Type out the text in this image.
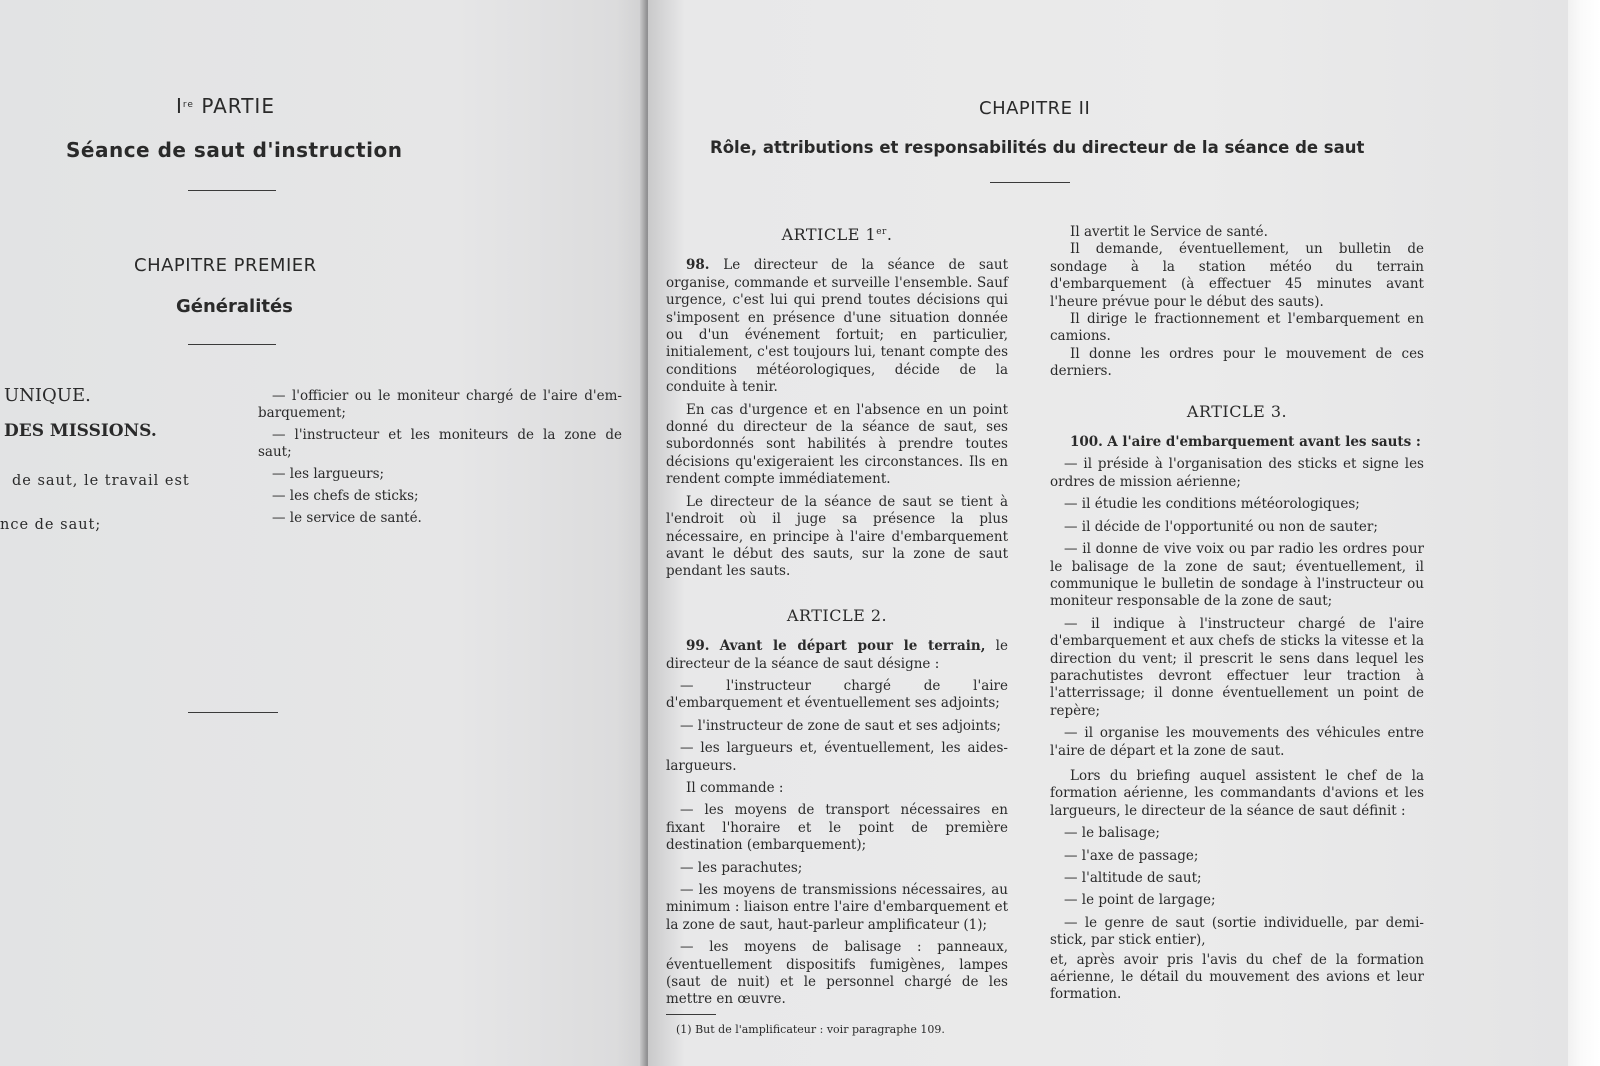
Ire PARTIE
Séance de saut d'instruction
CHAPITRE PREMIER
Généralités
UNIQUE.
DES MISSIONS.
de saut, le travail est
nce de saut;

— l'officier ou le moniteur chargé de l'aire d'em-barquement;

— l'instructeur et les moniteurs de la zone de saut;

— les largueurs;

— les chefs de sticks;

— le service de santé.

CHAPITRE II
Rôle, attributions et responsabilités du directeur de la séance de saut

ARTICLE 1er.

98. Le directeur de la séance de saut organise, commande et surveille l'ensemble. Sauf urgence, c'est lui qui prend toutes décisions qui s'imposent en présence d'une situation donnée ou d'un événement fortuit; en particulier, initialement, c'est toujours lui, tenant compte des conditions météorologiques, décide de la conduite à tenir.

En cas d'urgence et en l'absence en un point donné du directeur de la séance de saut, ses subordonnés sont habilités à prendre toutes décisions qu'exigeraient les circonstances. Ils en rendent compte immédiatement.

Le directeur de la séance de saut se tient à l'endroit où il juge sa présence la plus nécessaire, en principe à l'aire d'embarquement avant le début des sauts, sur la zone de saut pendant les sauts.

ARTICLE 2.

99. Avant le départ pour le terrain, le directeur de la séance de saut désigne :

— l'instructeur chargé de l'aire d'embarquement et éventuellement ses adjoints;

— l'instructeur de zone de saut et ses adjoints;

— les largueurs et, éventuellement, les aides-largueurs.

Il commande :

— les moyens de transport nécessaires en fixant l'horaire et le point de première destination (embarquement);

— les parachutes;

— les moyens de transmissions nécessaires, au minimum : liaison entre l'aire d'embarquement et la zone de saut, haut-parleur amplificateur (1);

— les moyens de balisage : panneaux, éventuellement dispositifs fumigènes, lampes (saut de nuit) et le personnel chargé de les mettre en œuvre.

(1) But de l'amplificateur : voir paragraphe 109.

Il avertit le Service de santé.

Il demande, éventuellement, un bulletin de sondage à la station météo du terrain d'embarquement (à effectuer 45 minutes avant l'heure prévue pour le début des sauts).

Il dirige le fractionnement et l'embarquement en camions.

Il donne les ordres pour le mouvement de ces derniers.

ARTICLE 3.

100. A l'aire d'embarquement avant les sauts :

— il préside à l'organisation des sticks et signe les ordres de mission aérienne;

— il étudie les conditions météorologiques;

— il décide de l'opportunité ou non de sauter;

— il donne de vive voix ou par radio les ordres pour le balisage de la zone de saut; éventuellement, il communique le bulletin de sondage à l'instructeur ou moniteur responsable de la zone de saut;

— il indique à l'instructeur chargé de l'aire d'embarquement et aux chefs de sticks la vitesse et la direction du vent; il prescrit le sens dans lequel les parachutistes devront effectuer leur traction à l'atterrissage; il donne éventuellement un point de repère;

— il organise les mouvements des véhicules entre l'aire de départ et la zone de saut.

Lors du briefing auquel assistent le chef de la formation aérienne, les commandants d'avions et les largueurs, le directeur de la séance de saut définit :

— le balisage;

— l'axe de passage;

— l'altitude de saut;

— le point de largage;

— le genre de saut (sortie individuelle, par demi-stick, par stick entier),

et, après avoir pris l'avis du chef de la formation aérienne, le détail du mouvement des avions et leur formation.
